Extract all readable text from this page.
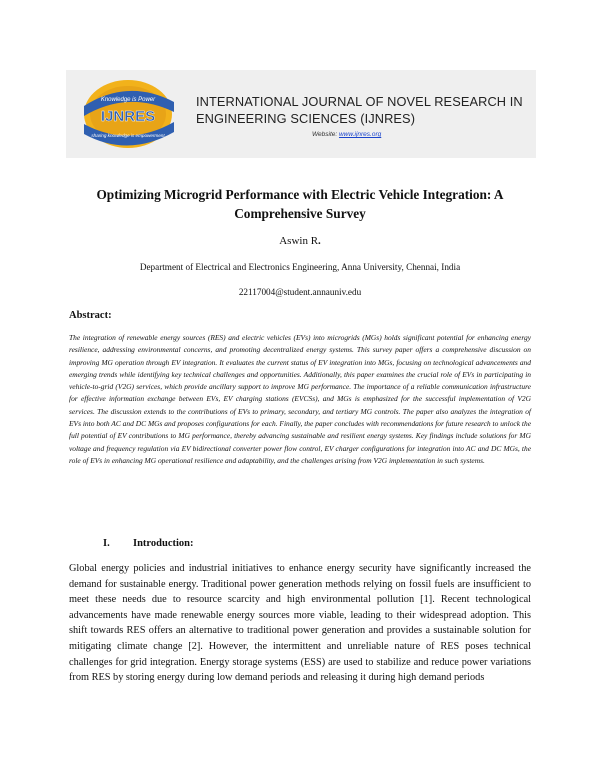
Knowledge is Power
IJNRES
sharing knowledge is empowerment
INTERNATIONAL JOURNAL OF NOVEL RESEARCH IN ENGINEERING SCIENCES (IJNRES)
Website: www.ijnres.org
Optimizing Microgrid Performance with Electric Vehicle Integration: A Comprehensive Survey
Aswin R.
Department of Electrical and Electronics Engineering, Anna University, Chennai, India
22117004@student.annauniv.edu
Abstract:

The integration of renewable energy sources (RES) and electric vehicles (EVs) into microgrids (MGs) holds significant potential for enhancing energy resilience, addressing environmental concerns, and promoting decentralized energy systems. This survey paper offers a comprehensive discussion on improving MG operation through EV integration. It evaluates the current status of EV integration into MGs, focusing on technological advancements and emerging trends while identifying key technical challenges and opportunities. Additionally, this paper examines the crucial role of EVs in participating in vehicle-to-grid (V2G) services, which provide ancillary support to improve MG performance. The importance of a reliable communication infrastructure for effective information exchange between EVs, EV charging stations (EVCSs), and MGs is emphasized for the successful implementation of V2G services. The discussion extends to the contributions of EVs to primary, secondary, and tertiary MG controls. The paper also analyzes the integration of EVs into both AC and DC MGs and proposes configurations for each. Finally, the paper concludes with recommendations for future research to unlock the full potential of EV contributions to MG performance, thereby advancing sustainable and resilient energy systems. Key findings include solutions for MG voltage and frequency regulation via EV bidirectional converter power flow control, EV charger configurations for integration into AC and DC MGs, the role of EVs in enhancing MG operational resilience and adaptability, and the challenges arising from V2G implementation in such systems.

I. Introduction:

Global energy policies and industrial initiatives to enhance energy security have significantly increased the demand for sustainable energy. Traditional power generation methods relying on fossil fuels are insufficient to meet these needs due to resource scarcity and high environmental pollution [1]. Recent technological advancements have made renewable energy sources more viable, leading to their widespread adoption. This shift towards RES offers an alternative to traditional power generation and provides a sustainable solution for mitigating climate change [2]. However, the intermittent and unreliable nature of RES poses technical challenges for grid integration. Energy storage systems (ESS) are used to stabilize and reduce power variations from RES by storing energy during low demand periods and releasing it during high demand periods
